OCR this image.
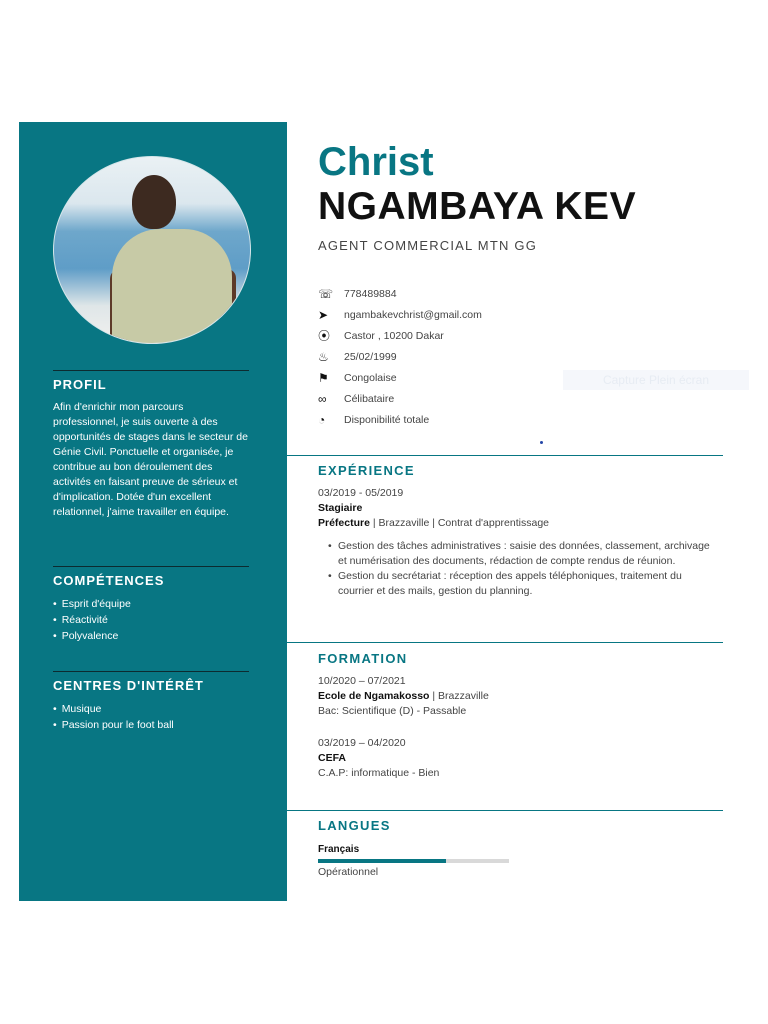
PROFIL

Afin d'enrichir mon parcours professionnel, je suis ouverte à des opportunités de stages dans le secteur de Génie Civil. Ponctuelle et organisée, je contribue au bon déroulement des activités en faisant preuve de sérieux et d'implication. Dotée d'un excellent relationnel, j'aime travailler en équipe.

COMPÉTENCES
• Esprit d'équipe
• Réactivité
• Polyvalence
CENTRES D'INTÉRÊT
• Musique
• Passion pour le foot ball
Christ
NGAMBAYA KEV
AGENT COMMERCIAL MTN GG
☏	778489884
➤	ngambakevchrist@gmail.com
⦿	Castor , 10200 Dakar
♨	25/02/1999
⚑	Congolaise
∞	Célibataire
◔	Disponibilité totale
Capture Plein écran
EXPÉRIENCE
03/2019 - 05/2019
Stagiaire
Préfecture | Brazzaville | Contrat d'apprentissage
• Gestion des tâches administratives : saisie des données, classement, archivage et numérisation des documents, rédaction de compte rendus de réunion.
• Gestion du secrétariat : réception des appels téléphoniques, traitement du courrier et des mails, gestion du planning.
FORMATION
10/2020 – 07/2021
Ecole de Ngamakosso | Brazzaville
Bac: Scientifique (D) - Passable
03/2019 – 04/2020
CEFA
C.A.P: informatique - Bien
LANGUES
Français
Opérationnel
